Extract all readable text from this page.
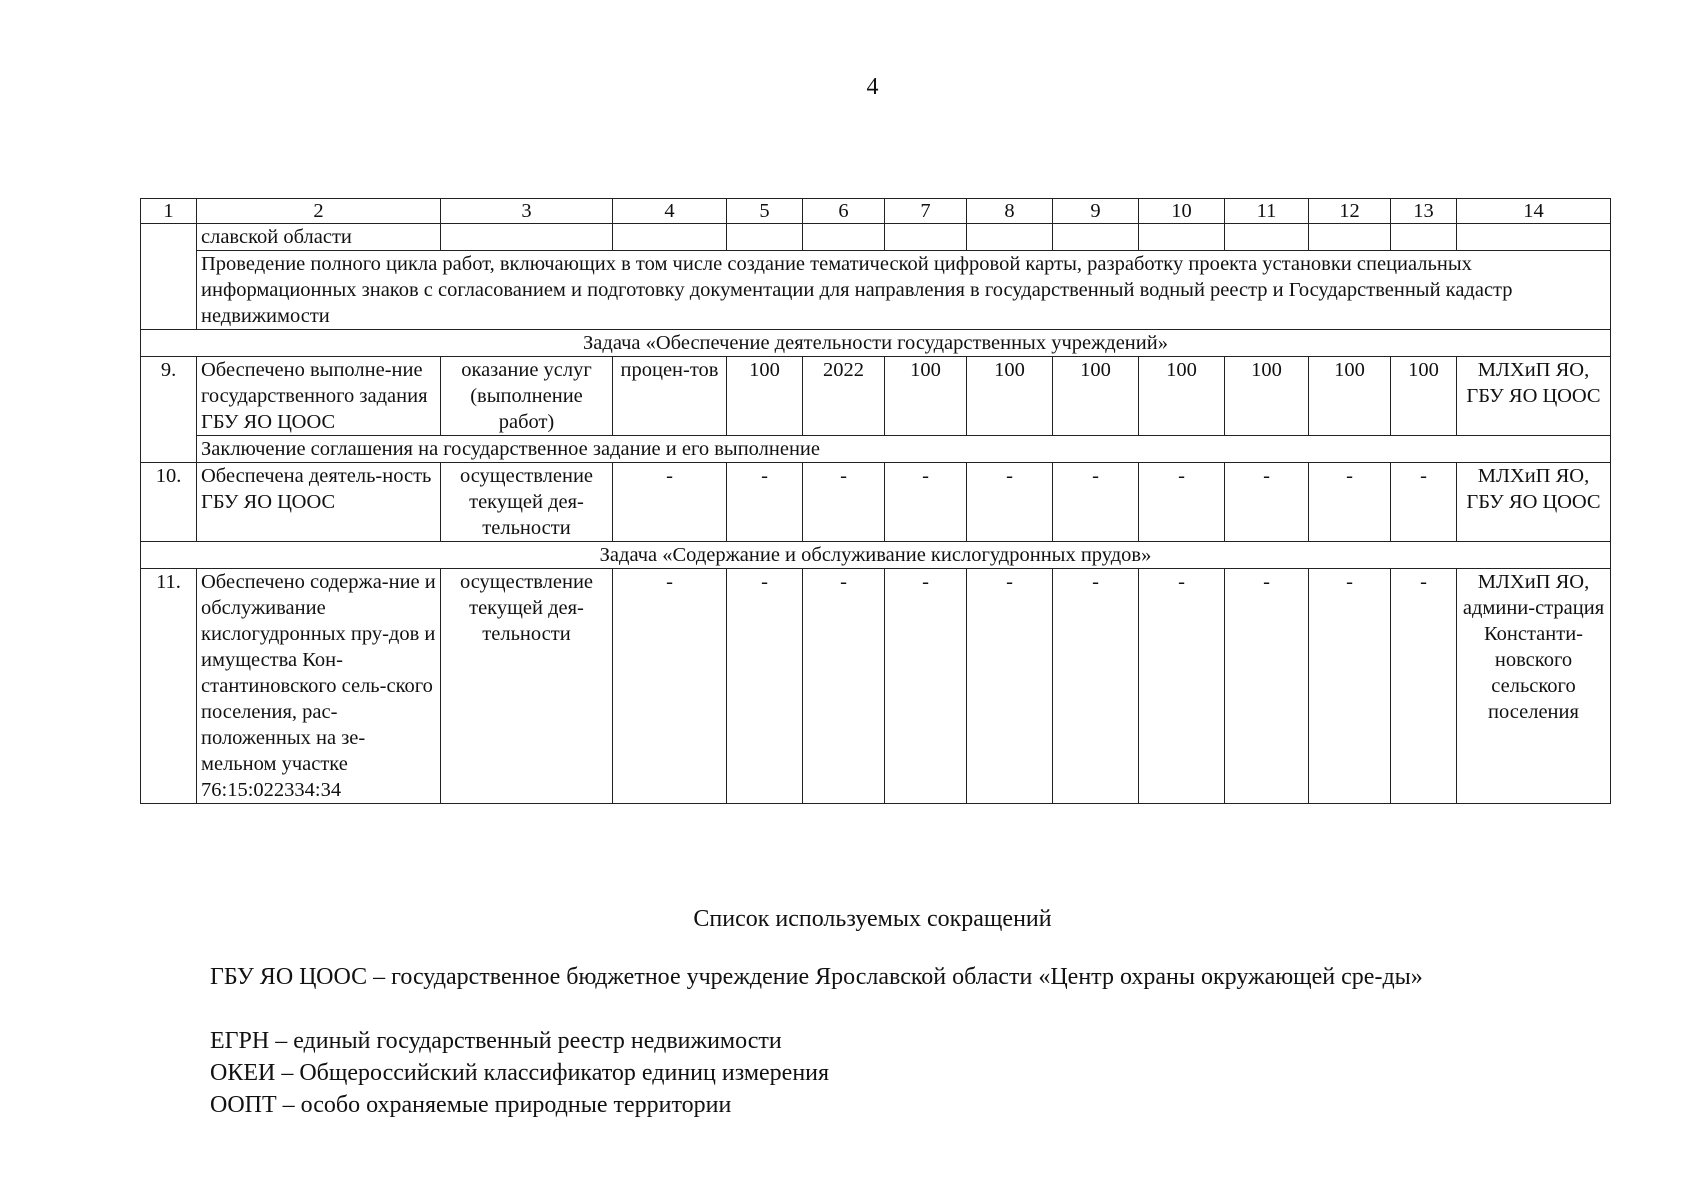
4
1	2	3	4	5	6	7	8	9	10	11	12	13	14
	славской области												
	Проведение полного цикла работ, включающих в том числе создание тематической цифровой карты, разработку проекта установки специальных информационных знаков с согласованием и подготовку документации для направления в государственный водный реестр и Государственный кадастр недвижимости												
Задача «Обеспечение деятельности государственных учреждений»													
9.	Обеспечено выполне-ние государственного задания ГБУ ЯО ЦООС	оказание услуг (выполнение работ)	процен-тов	100	2022	100	100	100	100	100	100	100	МЛХиП ЯО, ГБУ ЯО ЦООС
	Заключение соглашения на государственное задание и его выполнение												
10.	Обеспечена деятель-ность ГБУ ЯО ЦООС	осуществление текущей дея-тельности	-	-	-	-	-	-	-	-	-	-	МЛХиП ЯО, ГБУ ЯО ЦООС
Задача «Содержание и обслуживание кислогудронных прудов»													
11.	Обеспечено содержа-ние и обслуживание кислогудронных пру-дов и имущества Кон-стантиновского сель-ского поселения, рас-положенных на зе-мельном участке 76:15:022334:34	осуществление текущей дея-тельности	-	-	-	-	-	-	-	-	-	-	МЛХиП ЯО, админи-страция Константи-новского сельского поселения
Список используемых сокращений
ГБУ ЯО ЦООС – государственное бюджетное учреждение Ярославской области «Центр охраны окружающей сре-ды»
ЕГРН – единый государственный реестр недвижимости
ОКЕИ – Общероссийский классификатор единиц измерения
ООПТ – особо охраняемые природные территории
